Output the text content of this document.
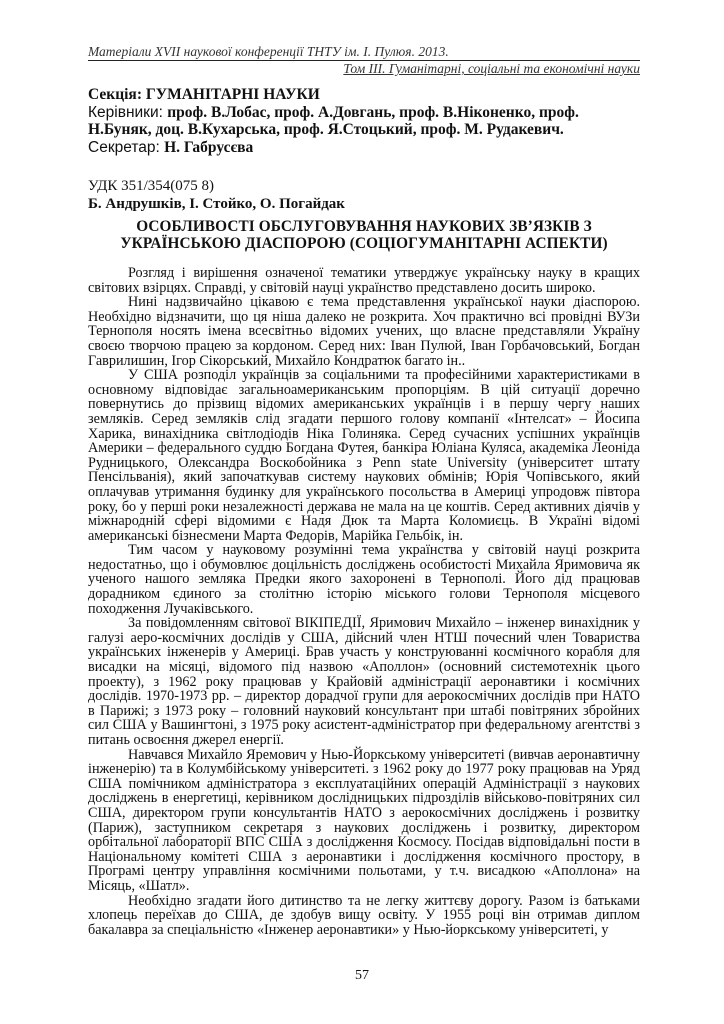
Матеріали XVII наукової конференції ТНТУ ім. І. Пулюя. 2013.
Том ІІІ. Гуманітарні, соціальні та економічні науки
Секція: ГУМАНІТАРНІ НАУКИ
Керівники: проф. В.Лобас, проф. А.Довгань, проф. В.Ніконенко, проф. Н.Буняк, доц. В.Кухарська, проф. Я.Стоцький, проф. М. Рудакевич.
Секретар: Н. Габрусєва
УДК 351/354(075 8)
Б. Андрушків, І. Стойко, О. Погайдак
ОСОБЛИВОСТІ ОБСЛУГОВУВАННЯ НАУКОВИХ ЗВ’ЯЗКІВ З УКРАЇНСЬКОЮ ДІАСПОРОЮ (СОЦІОГУМАНІТАРНІ АСПЕКТИ)

Розгляд і вирішення означеної тематики утверджує українську науку в кращих світових взірцях. Справді, у світовій науці українство представлено досить широко.

Нині надзвичайно цікавою є тема представлення української науки діаспорою. Необхідно відзначити, що ця ніша далеко не розкрита. Хоч практично всі провідні ВУЗи Тернополя носять імена всесвітньо відомих учених, що власне представляли Україну своєю творчою працею за кордоном. Серед них: Іван Пулюй, Іван Горбачовський, Богдан Гаврилишин, Ігор Сікорський, Михайло Кондратюк багато ін..

У США розподіл українців за соціальними та професійними характеристиками в основному відповідає загальноамериканським пропорціям. В цій ситуації доречно повернутись до прізвищ відомих американських українців і в першу чергу наших земляків. Серед земляків слід згадати першого голову компанії «Інтелсат» – Йосипа Харика, винахідника світлодіодів Ніка Голиняка. Серед сучасних успішних українців Америки – федерального суддю Богдана Футея, банкіра Юліана Куляса, академіка Леоніда Рудницького, Олександра Воскобойника з Penn state University (університет штату Пенсільванія), який започаткував систему наукових обмінів; Юрія Чопівського, який оплачував утримання будинку для українського посольства в Америці упродовж півтора року, бо у перші роки незалежності держава не мала на це коштів. Серед активних діячів у міжнародній сфері відомими є Надя Дюк та Марта Коломиєць. В Україні відомі американські бізнесмени Марта Федорів, Марійка Гельбік, ін.

Тим часом у науковому розумінні тема українства у світовій науці розкрита недостатньо, що і обумовлює доцільність досліджень особистості Михайла Яримовича як ученого нашого земляка Предки якого захоронені в Тернополі. Його дід працював дорадником єдиного за столітню історію міського голови Тернополя місцевого походження Лучаківського.

За повідомленням світової ВІКІПЕДІЇ, Яримович Михайло – інженер винахідник у галузі аеро-космічних дослідів у США, дійсний член НТШ почесний член Товариства українських інженерів у Америці. Брав участь у конструюванні космічного корабля для висадки на місяці, відомого під назвою «Аполлон» (основний системотехнік цього проекту), з 1962 року працював у Крайовій адміністрації аеронавтики і космічних дослідів. 1970-1973 рр. – директор дорадчої групи для аерокосмічних дослідів при НАТО в Парижі; з 1973 року – головний науковий консультант при штабі повітряних збройних сил США у Вашингтоні, з 1975 року асистент-адміністратор при федеральному агентстві з питань освоєння джерел енергії.

Навчався Михайло Яремович у Нью-Йоркському університеті (вивчав аеронавтичну інженерію) та в Колумбійському університеті. з 1962 року до 1977 року працював на Уряд США помічником адміністратора з експлуатаційних операцій Адміністрації з наукових досліджень в енергетиці, керівником дослідницьких підрозділів військово-повітряних сил США, директором групи консультантів НАТО з аерокосмічних досліджень і розвитку (Париж), заступником секретаря з наукових досліджень і розвитку, директором орбітальної лабораторії ВПС США з дослідження Космосу. Посідав відповідальні пости в Національному комітеті США з аеронавтики і дослідження космічного простору, в Програмі центру управління космічними польотами, у т.ч. висадкою «Аполлона» на Місяць, «Шатл».

Необхідно згадати його дитинство та не легку життєву дорогу. Разом із батьками хлопець переїхав до США, де здобув вищу освіту. У 1955 році він отримав диплом бакалавра за спеціальністю «Інженер аеронавтики» у Нью-йоркському університеті, у

57
